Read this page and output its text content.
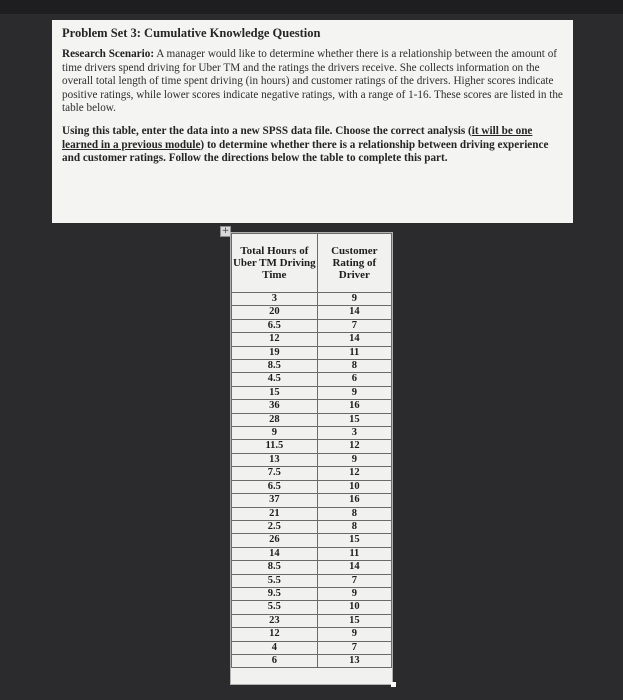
Problem Set 3: Cumulative Knowledge Question

Research Scenario: A manager would like to determine whether there is a relationship between the amount of time drivers spend driving for Uber TM and the ratings the drivers receive. She collects information on the overall total length of time spent driving (in hours) and customer ratings of the drivers. Higher scores indicate positive ratings, while lower scores indicate negative ratings, with a range of 1-16. These scores are listed in the table below.

Using this table, enter the data into a new SPSS data file. Choose the correct analysis (it will be one learned in a previous module) to determine whether there is a relationship between driving experience and customer ratings. Follow the directions below the table to complete this part.

+
Total Hours of Uber TM Driving Time	Customer Rating of Driver
3	9
20	14
6.5	7
12	14
19	11
8.5	8
4.5	6
15	9
36	16
28	15
9	3
11.5	12
13	9
7.5	12
6.5	10
37	16
21	8
2.5	8
26	15
14	11
8.5	14
5.5	7
9.5	9
5.5	10
23	15
12	9
4	7
6	13
